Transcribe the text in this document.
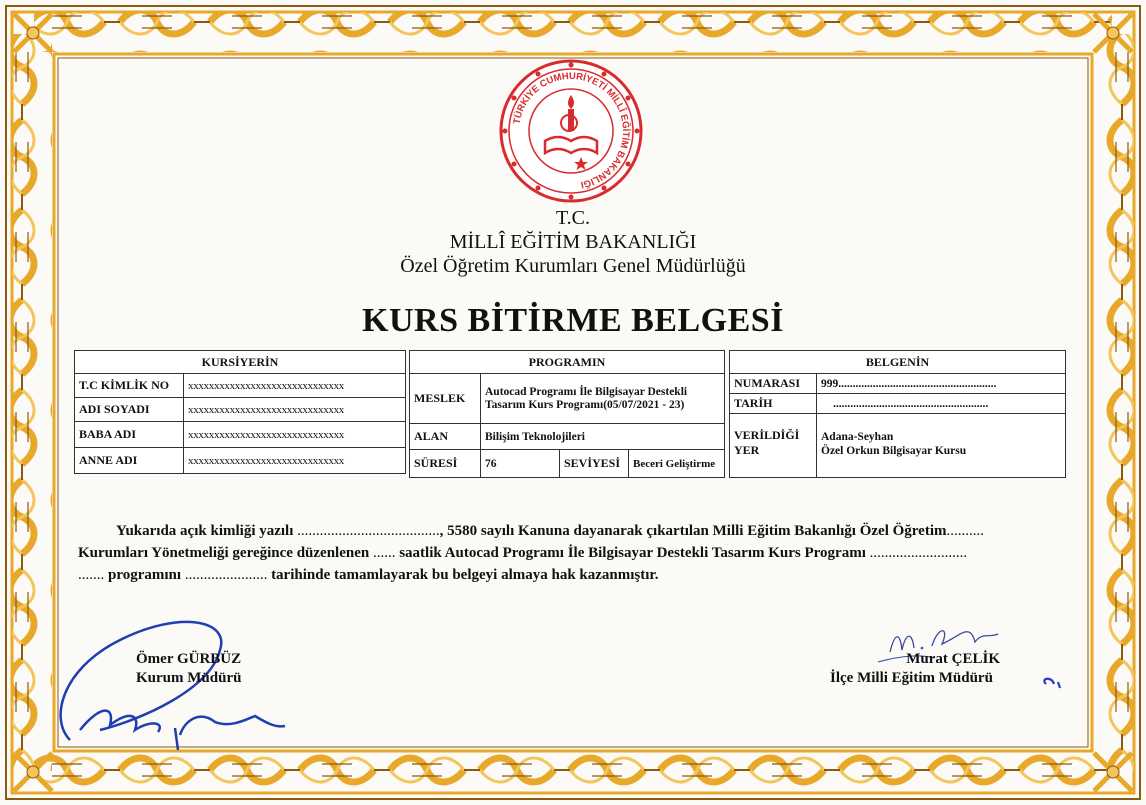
TÜRKİYE CUMHURİYETİ MİLLÎ EĞİTİM BAKANLIĞI
T.C.
MİLLÎ EĞİTİM BAKANLIĞI
Özel Öğretim Kurumları Genel Müdürlüğü
KURS BİTİRME BELGESİ
KURSİYERİN	
T.C KİMLİK NO	xxxxxxxxxxxxxxxxxxxxxxxxxxxxxx
ADI SOYADI	xxxxxxxxxxxxxxxxxxxxxxxxxxxxxx
BABA ADI	xxxxxxxxxxxxxxxxxxxxxxxxxxxxxx
ANNE ADI	xxxxxxxxxxxxxxxxxxxxxxxxxxxxxx
PROGRAMIN			
MESLEK	Autocad Programı İle Bilgisayar Destekli Tasarım Kurs Programı(05/07/2021 - 23)		
ALAN	Bilişim Teknolojileri		
SÜRESİ	76	SEVİYESİ	Beceri Geliştirme
BELGENİN	
NUMARASI	999.......................................................
TARİH	......................................................
VERİLDİĞİ YER	Adana-Seyhan
Özel Orkun Bilgisayar Kursu
Yukarıda açık kimliği yazılı ......................................, 5580 sayılı Kanuna dayanarak çıkartılan Milli Eğitim Bakanlığı Özel Öğretim..........
Kurumları Yönetmeliği gereğince düzenlenen ...... saatlik Autocad Programı İle Bilgisayar Destekli Tasarım Kurs Programı ..........................
....... programını ...................... tarihinde tamamlayarak bu belgeyi almaya hak kazanmıştır.
Ömer GÜRBÜZ
Kurum Müdürü
Murat ÇELİK
İlçe Milli Eğitim Müdürü
